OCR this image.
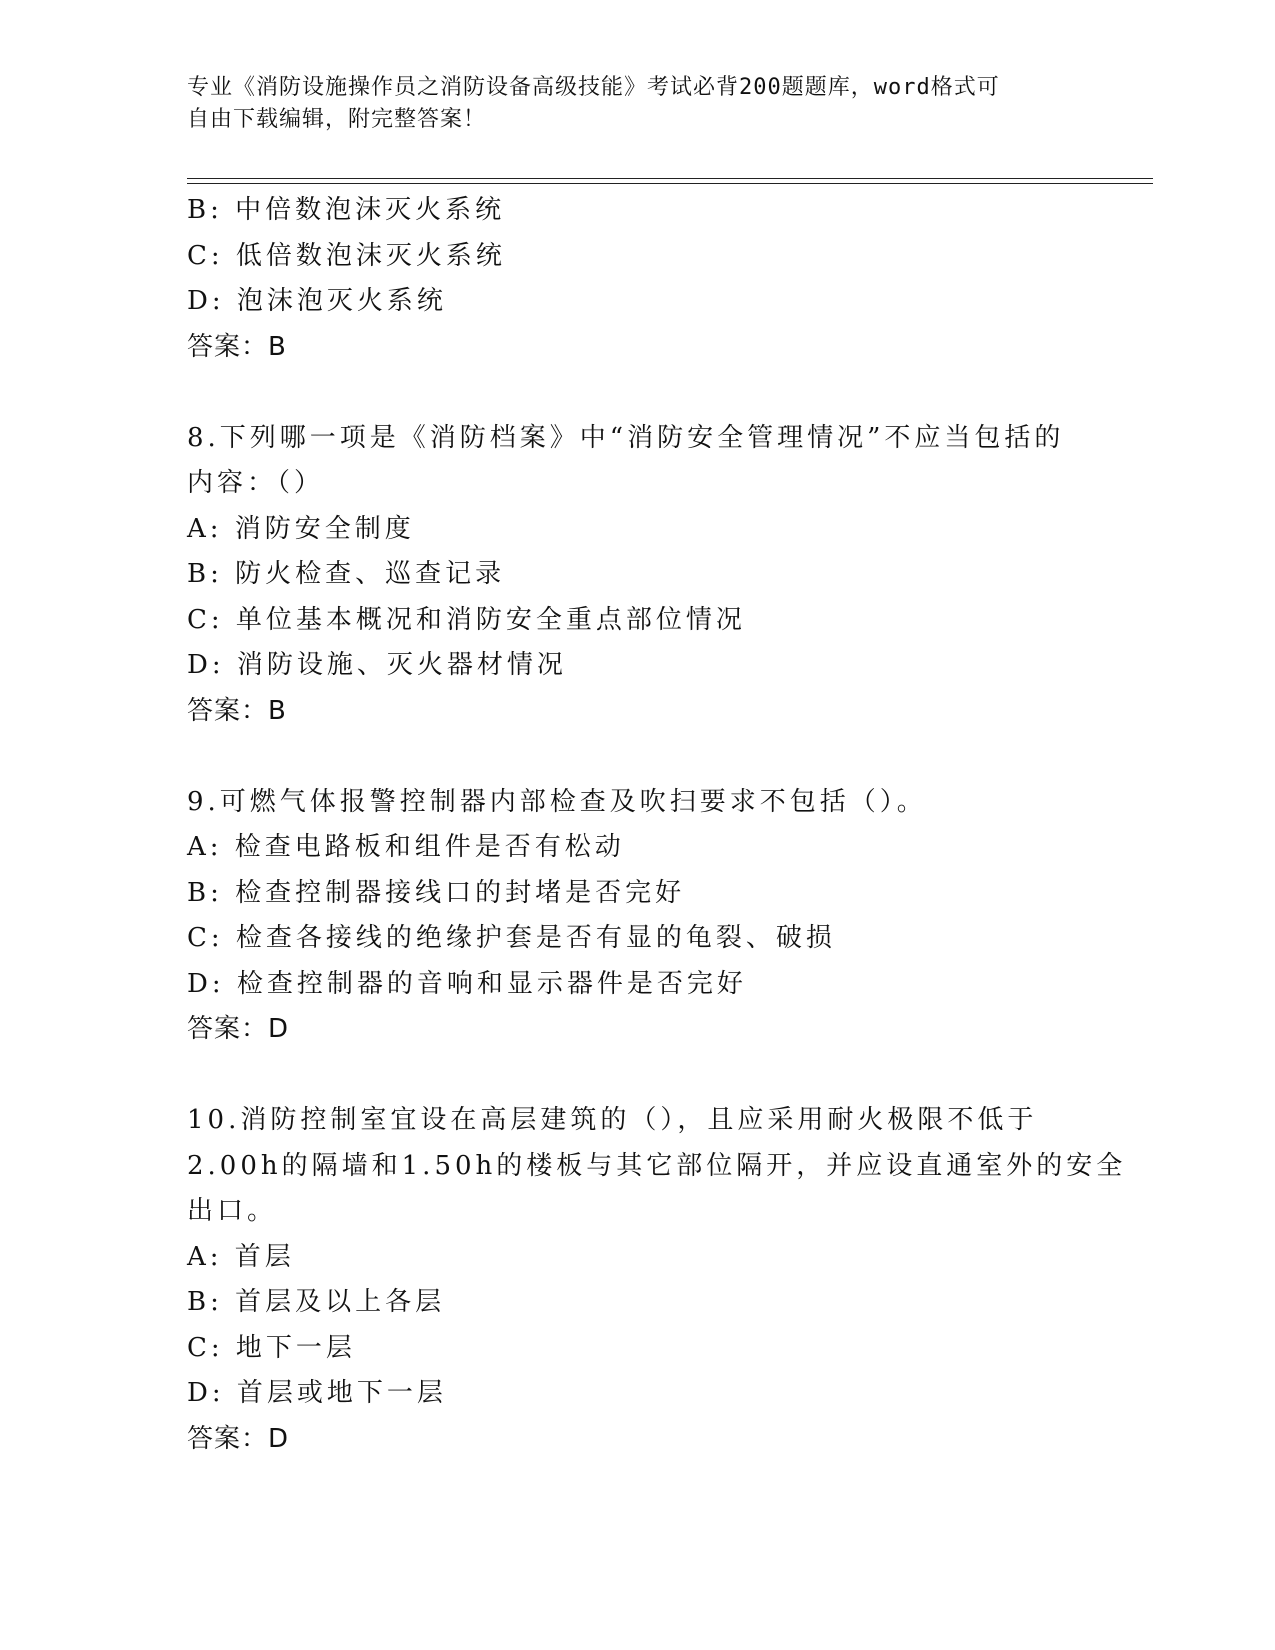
专业《消防设施操作员之消防设备高级技能》考试必背200题题库，word格式可
自由下载编辑，附完整答案！
B: 中倍数泡沫灭火系统
C: 低倍数泡沫灭火系统
D: 泡沫泡灭火系统
答案：B
8.下列哪一项是《消防档案》中“消防安全管理情况”不应当包括的
内容：（）
A: 消防安全制度
B: 防火检查、巡查记录
C: 单位基本概况和消防安全重点部位情况
D: 消防设施、灭火器材情况
答案：B
9.可燃气体报警控制器内部检查及吹扫要求不包括（）。
A: 检查电路板和组件是否有松动
B: 检查控制器接线口的封堵是否完好
C: 检查各接线的绝缘护套是否有显的龟裂、破损
D: 检查控制器的音响和显示器件是否完好
答案：D
10.消防控制室宜设在高层建筑的（），且应采用耐火极限不低于
2.00h的隔墙和1.50h的楼板与其它部位隔开，并应设直通室外的安全
出口。
A: 首层
B: 首层及以上各层
C: 地下一层
D: 首层或地下一层
答案：D
